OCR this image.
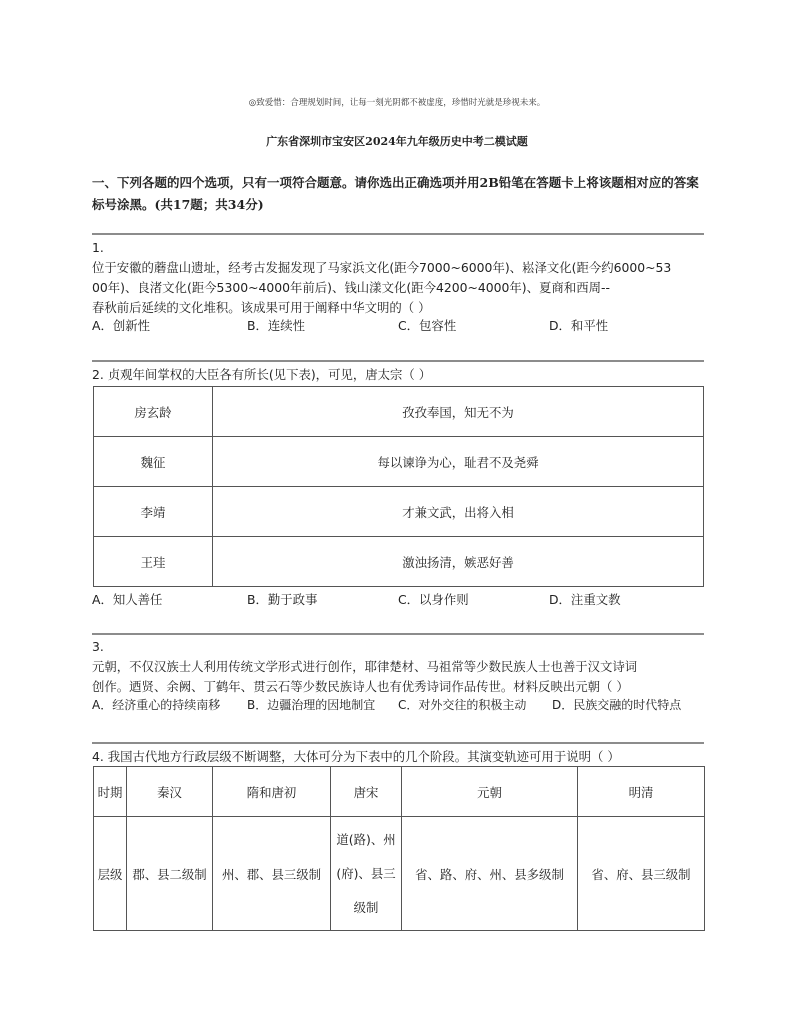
◎致爱惜：合理规划时间，让每一刻光阴都不被虚度，珍惜时光就是珍视未来。
广东省深圳市宝安区2024年九年级历史中考二模试题
一、下列各题的四个选项，只有一项符合题意。请你选出正确选项并用2B铅笔在答题卡上将该题相对应的答案标号涂黑。(共17题；共34分)
1.
位于安徽的蘑盘山遗址，经考古发掘发现了马家浜文化(距今7000~6000年)、崧泽文化(距今约6000~53
00年)、良渚文化(距今5300~4000年前后)、钱山漾文化(距今4200~4000年)、夏商和西周--
春秋前后延续的文化堆积。该成果可用于阐释中华文明的（ ）
A．创新性	B．连续性	C．包容性	D．和平性
2. 贞观年间掌权的大臣各有所长(见下表)，可见，唐太宗（ ）
房玄龄	孜孜奉国，知无不为
魏征	每以谏诤为心，耻君不及尧舜
李靖	才兼文武，出将入相
王珪	激浊扬清，嫉恶好善
A．知人善任	B．勤于政事	C．以身作则	D．注重文教
3.
元朝，不仅汉族士人利用传统文学形式进行创作，耶律楚材、马祖常等少数民族人士也善于汉文诗词
创作。迺贤、余阙、丁鹤年、贯云石等少数民族诗人也有优秀诗词作品传世。材料反映出元朝（ ）
A．经济重心的持续南移 B．边疆治理的因地制宜 C．对外交往的积极主动 D．民族交融的时代特点
4. 我国古代地方行政层级不断调整，大体可分为下表中的几个阶段。其演变轨迹可用于说明（ ）
时期	秦汉	隋和唐初	唐宋	元朝	明清
层级	郡、县二级制	州、郡、县三级制	道(路)、州(府)、县三级制	省、路、府、州、县多级制	省、府、县三级制
